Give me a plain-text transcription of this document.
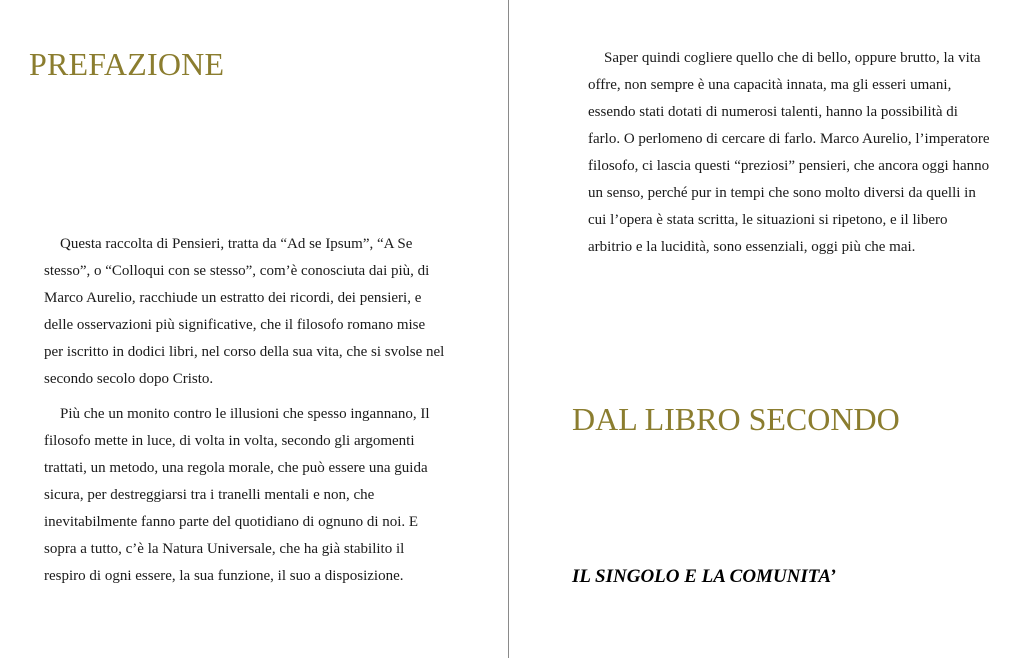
PREFAZIONE

Questa raccolta di Pensieri, tratta da “Ad se Ipsum”, “A Se stesso”, o “Colloqui con se stesso”, com’è conosciuta dai più, di Marco Aurelio, racchiude un estratto dei ricordi, dei pensieri, e delle osservazioni più significative, che il filosofo romano mise per iscritto in dodici libri, nel corso della sua vita, che si svolse nel secondo secolo dopo Cristo.

Più che un monito contro le illusioni che spesso ingannano, Il filosofo mette in luce, di volta in volta, secondo gli argomenti trattati, un metodo, una regola morale, che può essere una guida sicura, per destreggiarsi tra i tranelli mentali e non, che inevitabilmente fanno parte del quotidiano di ognuno di noi. E sopra a tutto, c’è la Natura Universale, che ha già stabilito il respiro di ogni essere, la sua funzione, il suo a disposizione.

Saper quindi cogliere quello che di bello, oppure brutto, la vita offre, non sempre è una capacità innata, ma gli esseri umani, essendo stati dotati di numerosi talenti, hanno la possibilità di farlo. O perlomeno di cercare di farlo. Marco Aurelio, l’imperatore filosofo, ci lascia questi “preziosi” pensieri, che ancora oggi hanno un senso, perché pur in tempi che sono molto diversi da quelli in cui l’opera è stata scritta, le situazioni si ripetono, e il libero arbitrio e la lucidità, sono essenziali, oggi più che mai.

DAL LIBRO SECONDO
IL SINGOLO E LA COMUNITA’
